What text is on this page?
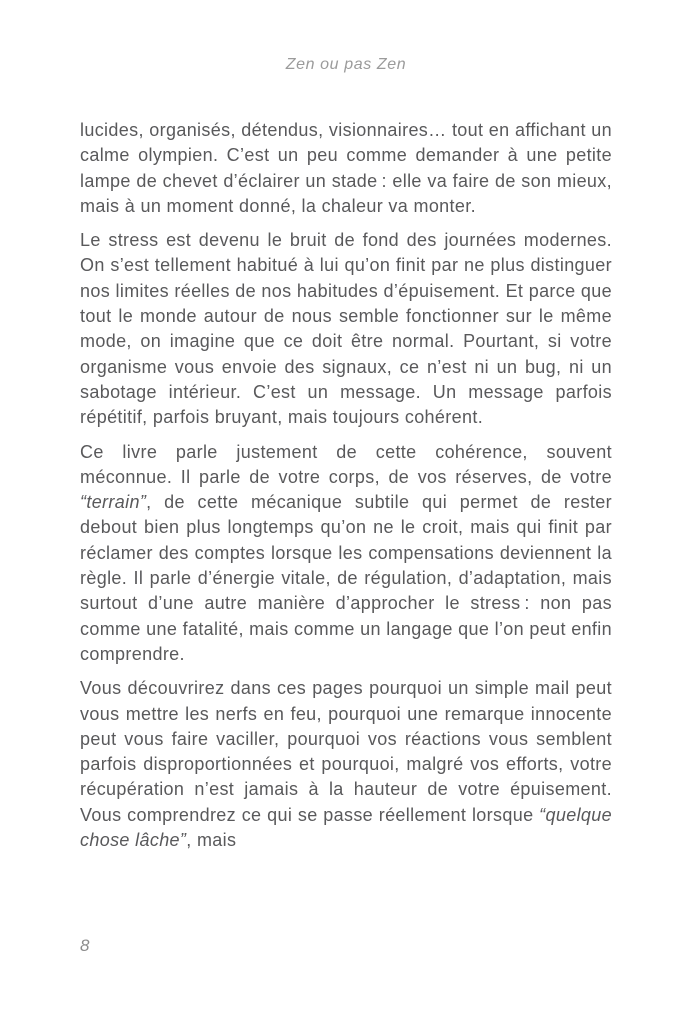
Zen ou pas Zen

lucides, organisés, détendus, visionnaires… tout en affichant un calme olympien. C’est un peu comme demander à une petite lampe de chevet d’éclairer un stade : elle va faire de son mieux, mais à un moment donné, la chaleur va monter.

Le stress est devenu le bruit de fond des journées modernes. On s’est tellement habitué à lui qu’on finit par ne plus distinguer nos limites réelles de nos habitudes d’épuisement. Et parce que tout le monde autour de nous semble fonctionner sur le même mode, on imagine que ce doit être normal. Pourtant, si votre organisme vous envoie des signaux, ce n’est ni un bug, ni un sabotage intérieur. C’est un message. Un message parfois répétitif, parfois bruyant, mais toujours cohérent.

Ce livre parle justement de cette cohérence, souvent méconnue. Il parle de votre corps, de vos réserves, de votre “terrain”, de cette mécanique subtile qui permet de rester debout bien plus longtemps qu’on ne le croit, mais qui finit par réclamer des comptes lorsque les compensations deviennent la règle. Il parle d’énergie vitale, de régulation, d’adaptation, mais surtout d’une autre manière d’approcher le stress : non pas comme une fatalité, mais comme un langage que l’on peut enfin comprendre.

Vous découvrirez dans ces pages pourquoi un simple mail peut vous mettre les nerfs en feu, pourquoi une remarque innocente peut vous faire vaciller, pourquoi vos réactions vous semblent parfois disproportionnées et pourquoi, malgré vos efforts, votre récupération n’est jamais à la hauteur de votre épuisement. Vous comprendrez ce qui se passe réellement lorsque “quelque chose lâche”, mais

8
